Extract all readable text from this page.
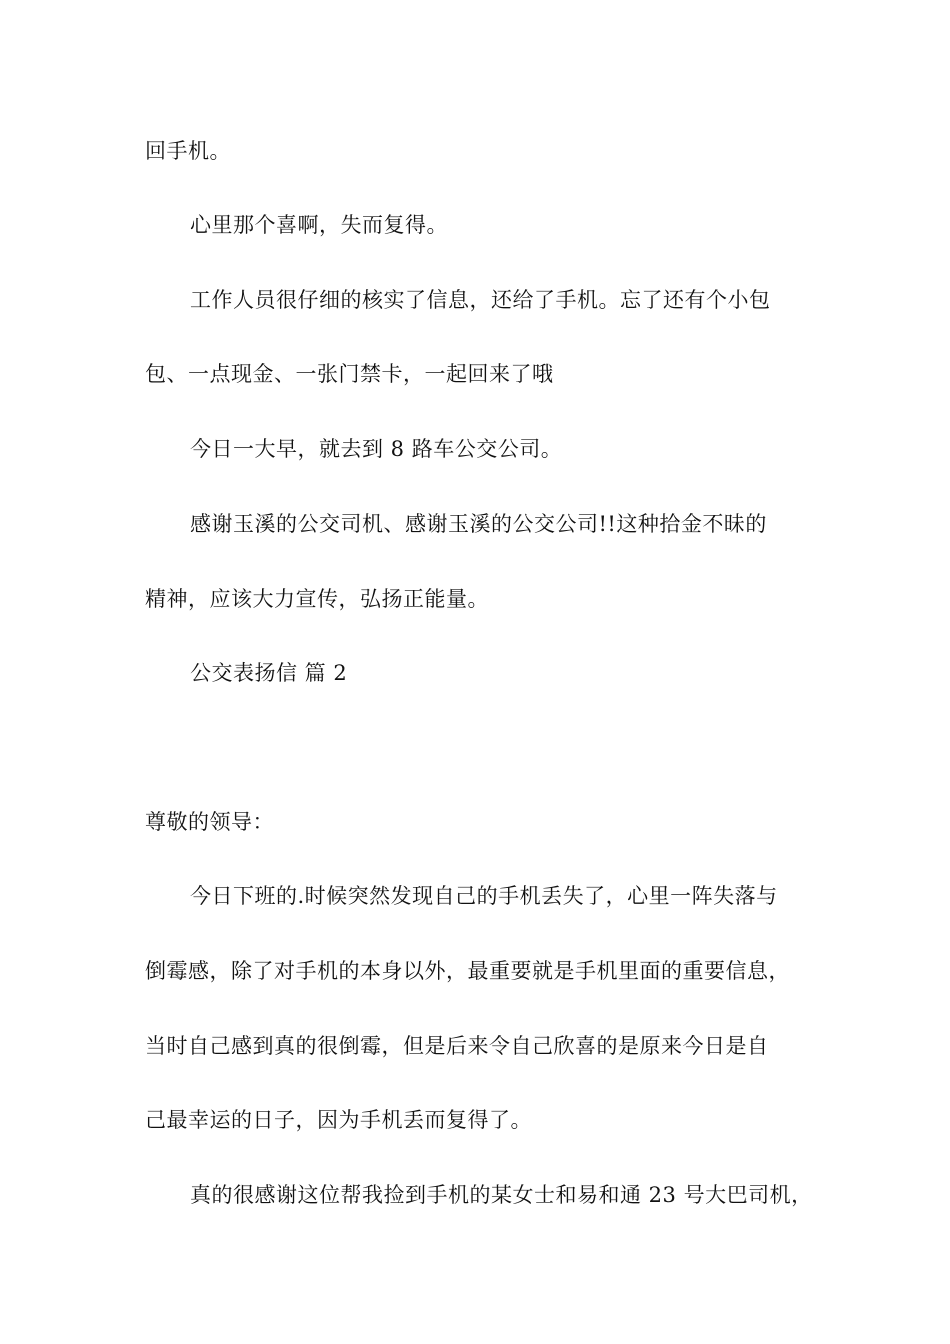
回手机。
心里那个喜啊，失而复得。
工作人员很仔细的核实了信息，还给了手机。忘了还有个小包
包、一点现金、一张门禁卡，一起回来了哦
今日一大早，就去到 8 路车公交公司。
感谢玉溪的公交司机、感谢玉溪的公交公司!!这种拾金不昧的
精神，应该大力宣传，弘扬正能量。
公交表扬信 篇 2
尊敬的领导：
今日下班的.时候突然发现自己的手机丢失了，心里一阵失落与
倒霉感，除了对手机的本身以外，最重要就是手机里面的重要信息，
当时自己感到真的很倒霉，但是后来令自己欣喜的是原来今日是自
己最幸运的日子，因为手机丢而复得了。
真的很感谢这位帮我捡到手机的某女士和易和通 23 号大巴司机，
